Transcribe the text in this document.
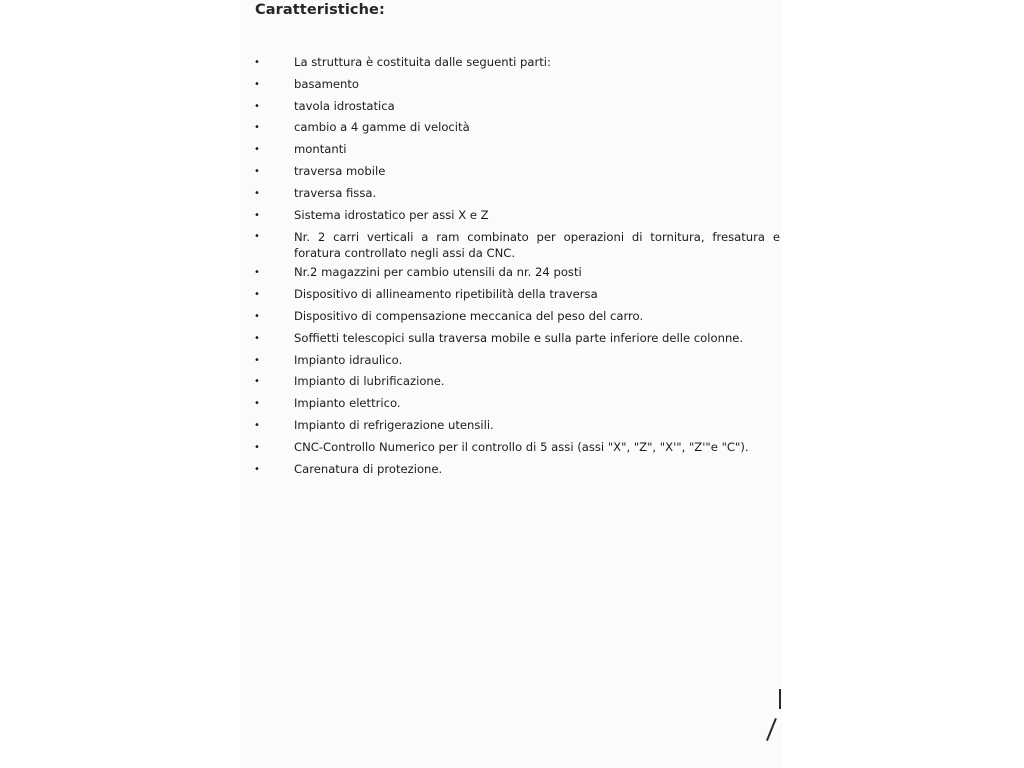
Caratteristiche:
•	La struttura è costituita dalle seguenti parti:
•	basamento
•	tavola idrostatica
•	cambio a 4 gamme di velocità
•	montanti
•	traversa mobile
•	traversa fissa.
•	Sistema idrostatico per assi X e Z
•	Nr. 2 carri verticali a ram combinato per operazioni di tornitura, fresatura e foratura controllato negli assi da CNC.
•	Nr.2 magazzini per cambio utensili da nr. 24 posti
•	Dispositivo di allineamento ripetibilità della traversa
•	Dispositivo di compensazione meccanica del peso del carro.
•	Soffietti telescopici sulla traversa mobile e sulla parte inferiore delle colonne.
•	Impianto idraulico.
•	Impianto di lubrificazione.
•	Impianto elettrico.
•	Impianto di refrigerazione utensili.
•	CNC-Controllo Numerico per il controllo di 5 assi (assi "X", "Z", "X'", "Z'"e "C").
•	Carenatura di protezione.
